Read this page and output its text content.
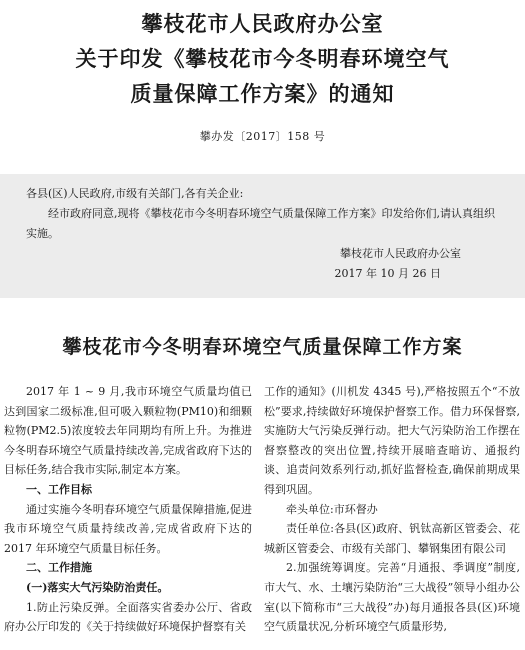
攀枝花市人民政府办公室
关于印发《攀枝花市今冬明春环境空气
质量保障工作方案》的通知
攀办发〔2017〕158 号

各县(区)人民政府,市级有关部门,各有关企业:

经市政府同意,现将《攀枝花市今冬明春环境空气质量保障工作方案》印发给你们,请认真组织实施。

攀枝花市人民政府办公室

2017 年 10 月 26 日

攀枝花市今冬明春环境空气质量保障工作方案

2017 年 1 ~ 9 月,我市环境空气质量均值已达到国家二级标准,但可吸入颗粒物(PM10)和细颗粒物(PM2.5)浓度较去年同期均有所上升。为推进今冬明春环境空气质量持续改善,完成省政府下达的目标任务,结合我市实际,制定本方案。

一、工作目标

通过实施今冬明春环境空气质量保障措施,促进我市环境空气质量持续改善,完成省政府下达的 2017 年环境空气质量目标任务。

二、工作措施

(一)落实大气污染防治责任。

1.防止污染反弹。全面落实省委办公厅、省政府办公厅印发的《关于持续做好环境保护督察有关

工作的通知》(川机发 4345 号),严格按照五个“不放松”要求,持续做好环境保护督察工作。借力环保督察,实施防大气污染反弹行动。把大气污染防治工作摆在督察整改的突出位置,持续开展暗查暗访、通报约谈、追责问效系列行动,抓好监督检查,确保前期成果得到巩固。

牵头单位:市环督办

责任单位:各县(区)政府、钒钛高新区管委会、花城新区管委会、市级有关部门、攀钢集团有限公司

2.加强统筹调度。完善“月通报、季调度”制度,市大气、水、土壤污染防治“三大战役”领导小组办公室(以下简称市“三大战役”办)每月通报各县(区)环境空气质量状况,分析环境空气质量形势,
